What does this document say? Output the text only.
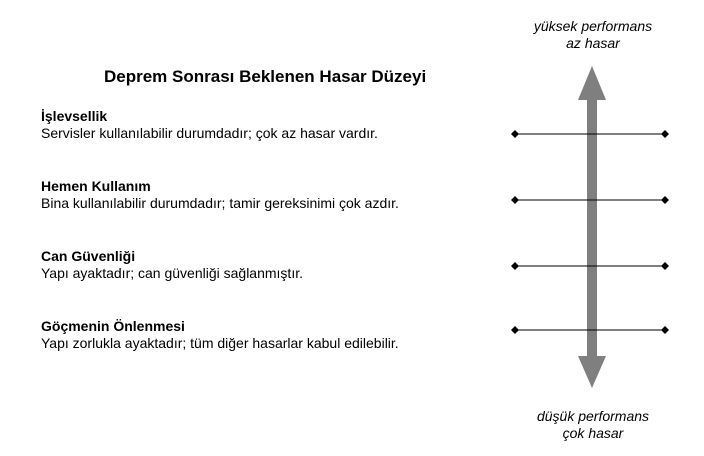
Deprem Sonrası Beklenen Hasar Düzeyi
yüksek performans
az hasar
düşük performans
çok hasar
İşlevsellik
Servisler kullanılabilir durumdadır; çok az hasar vardır.
Hemen Kullanım
Bina kullanılabilir durumdadır; tamir gereksinimi çok azdır.
Can Güvenliği
Yapı ayaktadır; can güvenliği sağlanmıştır.
Göçmenin Önlenmesi
Yapı zorlukla ayaktadır; tüm diğer hasarlar kabul edilebilir.
